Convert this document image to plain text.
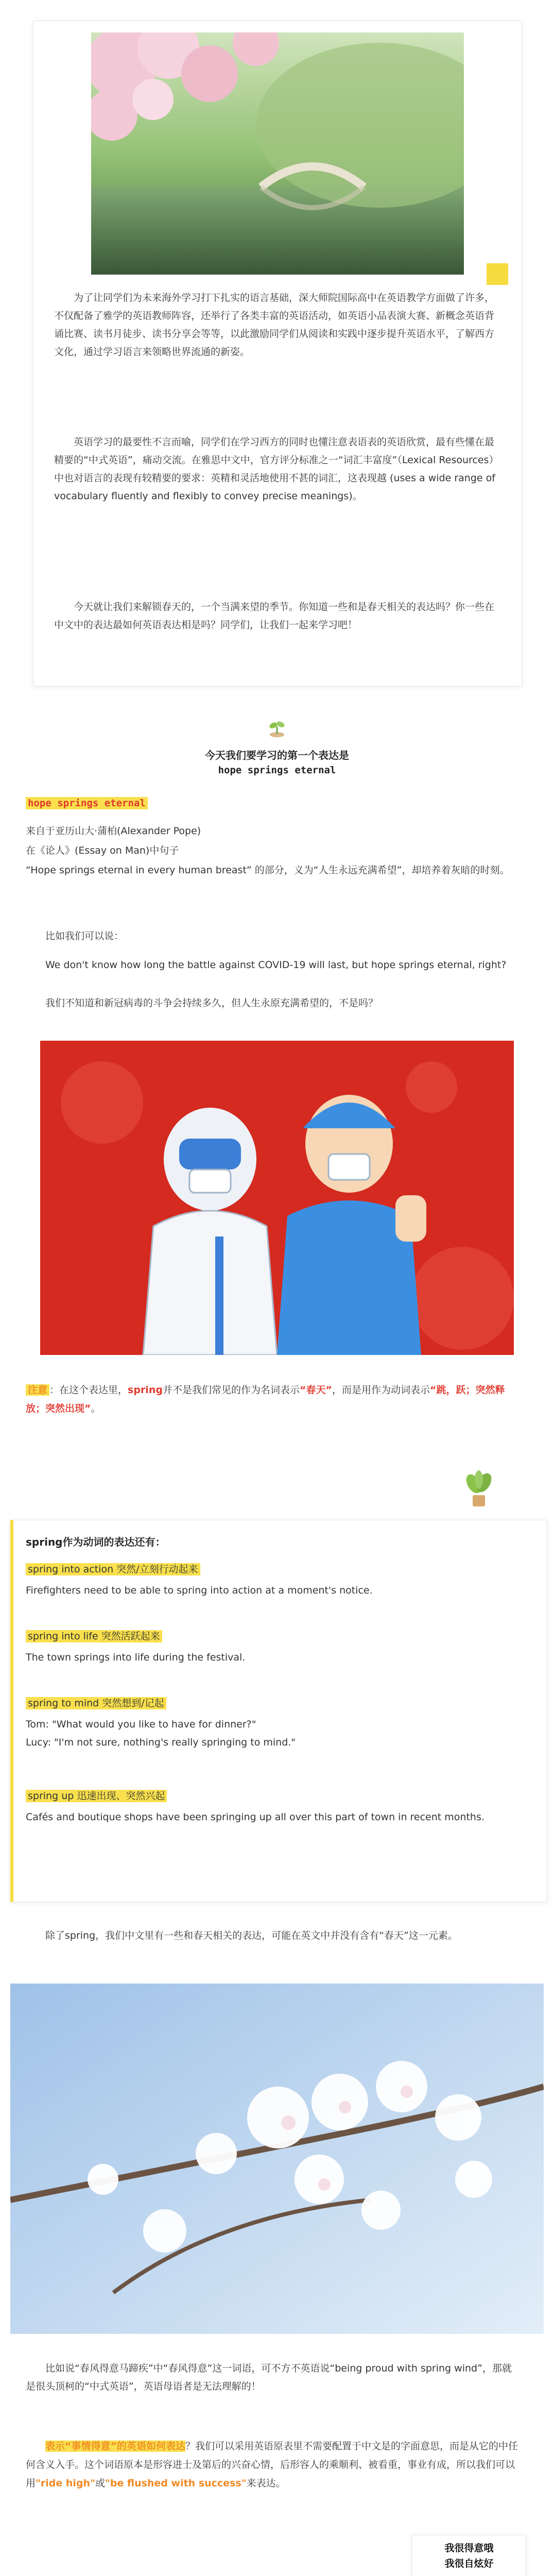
　　为了让同学们为未来海外学习打下扎实的语言基础，深大师院国际高中在英语教学方面做了许多，不仅配备了雅学的英语教师阵容，还举行了各类丰富的英语活动，如英语小品表演大赛、新概念英语背诵比赛、读书月徒步、读书分享会等等，以此激励同学们从阅读和实践中逐步提升英语水平，了解西方文化，通过学习语言来领略世界流通的新姿。

　　英语学习的最要性不言而喻，同学们在学习西方的同时也懂注意表语表的英语欣赏，最有些懂在最精要的“中式英语”，痛动交流。在雅思中文中，官方评分标准之一“词汇丰富度”（Lexical Resources）中也对语言的表现有较精要的要求：英精和灵活地使用不甚的词汇，这表现越 (uses a wide range of vocabulary fluently and flexibly to convey precise meanings)。

　　今天就让我们来解锁春天的，一个当满来望的季节。你知道一些和是春天相关的表达吗？你一些在中文中的表达最如何英语表达相是吗？同学们，让我们一起来学习吧！

今天我们要学习的第一个表达是

hope springs eternal

hope springs eternal

来自于亚历山大·蒲柏(Alexander Pope)

在《论人》(Essay on Man)中句子

“Hope springs eternal in every human breast” 的部分，义为“人生永远充满希望”，却培养着灰暗的时刻。

　　比如我们可以说：

　　We don't know how long the battle against COVID-19 will last, but hope springs eternal, right?

　　我们不知道和新冠病毒的斗争会持续多久，但人生永原充满希望的，不是吗？

注意 ：在这个表达里，spring并不是我们常见的作为名词表示“春天”，而是用作为动词表示“跳，跃；突然释放；突然出现”。

spring作为动词的表达还有：

spring into action 突然/立刻行动起来

Firefighters need to be able to spring into action at a moment's notice.

spring into life 突然活跃起来

The town springs into life during the festival.

spring to mind 突然想到/记起

Tom: "What would you like to have for dinner?"
Lucy: "I'm not sure, nothing's really springing to mind."

spring up 迅速出现、突然兴起

Cafés and boutique shops have been springing up all over this part of town in recent months.

　　除了spring，我们中文里有一些和春天相关的表达，可能在英文中并没有含有“春天”这一元素。

　　比如说“春风得意马蹄疾”中“春风得意”这一词语，可不方不英语说“being proud with spring wind”，那就是很头顶柯的“中式英语”，英语母语者是无法理解的！

　　表示“事情得意”的英语如何表达？我们可以采用英语原表里不需要配置于中文是的字面意思，而是从它的中任何含义入手。这个词语原本是形容进士及第后的兴奋心情，后形容人的乘顺利、被看重，事业有成，所以我们可以用"ride high"或"be flushed with success"来表达。

我很得意哦

我很自炫好
